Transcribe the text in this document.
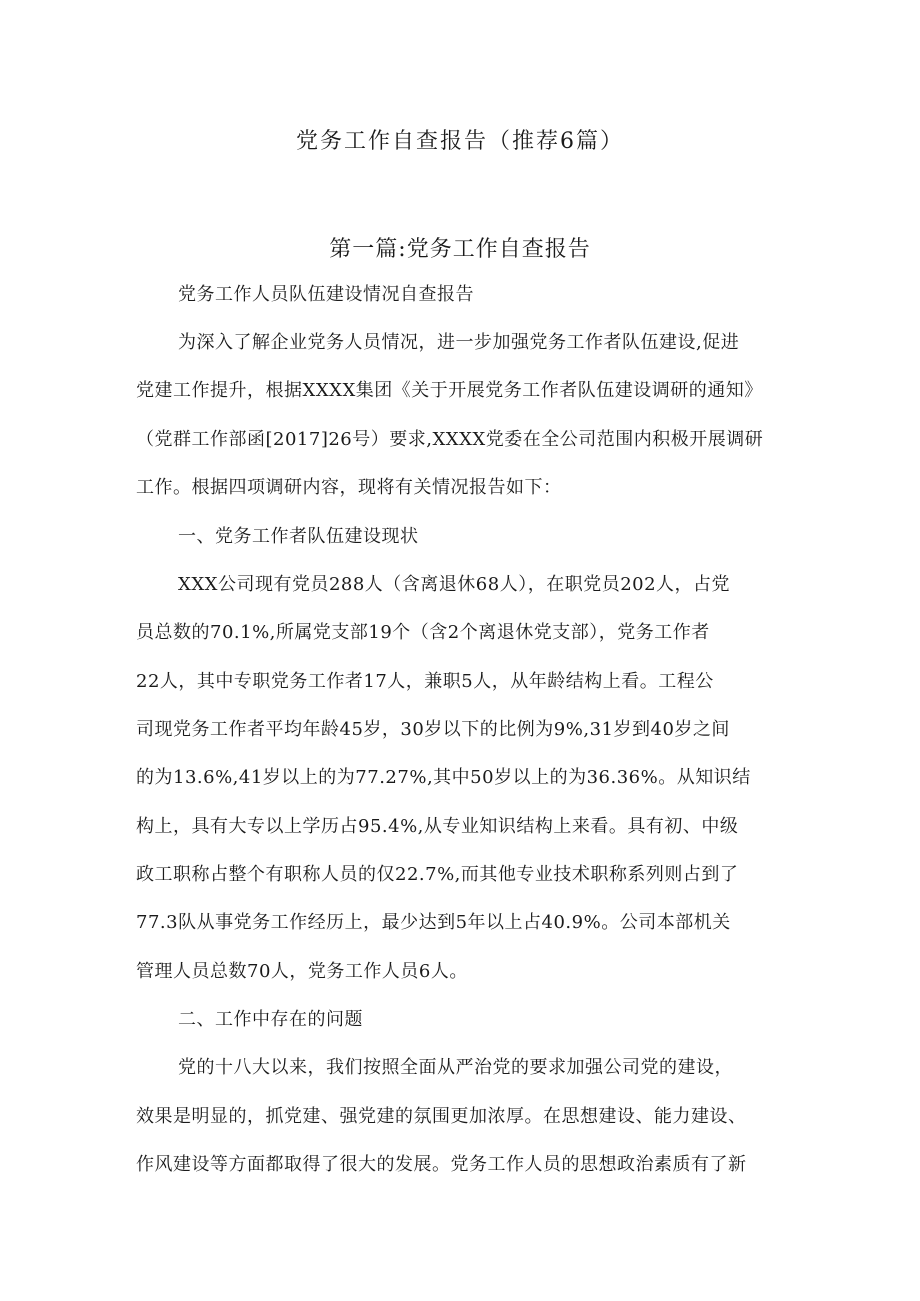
党务工作自查报告（推荐6篇）
第一篇:党务工作自查报告
党务工作人员队伍建设情况自查报告
为深入了解企业党务人员情况，进一步加强党务工作者队伍建设,促进
党建工作提升，根据XXXX集团《关于开展党务工作者队伍建设调研的通知》
（党群工作部函[2017]26号）要求,XXXX党委在全公司范围内积极开展调研
工作。根据四项调研内容，现将有关情况报告如下：
一、党务工作者队伍建设现状
XXX公司现有党员288人（含离退休68人），在职党员202人，占党
员总数的70.1%,所属党支部19个（含2个离退休党支部），党务工作者
22人，其中专职党务工作者17人，兼职5人，从年龄结构上看。工程公
司现党务工作者平均年龄45岁，30岁以下的比例为9%,31岁到40岁之间
的为13.6%,41岁以上的为77.27%,其中50岁以上的为36.36%。从知识结
构上，具有大专以上学历占95.4%,从专业知识结构上来看。具有初、中级
政工职称占整个有职称人员的仅22.7%,而其他专业技术职称系列则占到了
77.3队从事党务工作经历上，最少达到5年以上占40.9%。公司本部机关
管理人员总数70人，党务工作人员6人。
二、工作中存在的问题
党的十八大以来，我们按照全面从严治党的要求加强公司党的建设，
效果是明显的，抓党建、强党建的氛围更加浓厚。在思想建设、能力建设、
作风建设等方面都取得了很大的发展。党务工作人员的思想政治素质有了新
